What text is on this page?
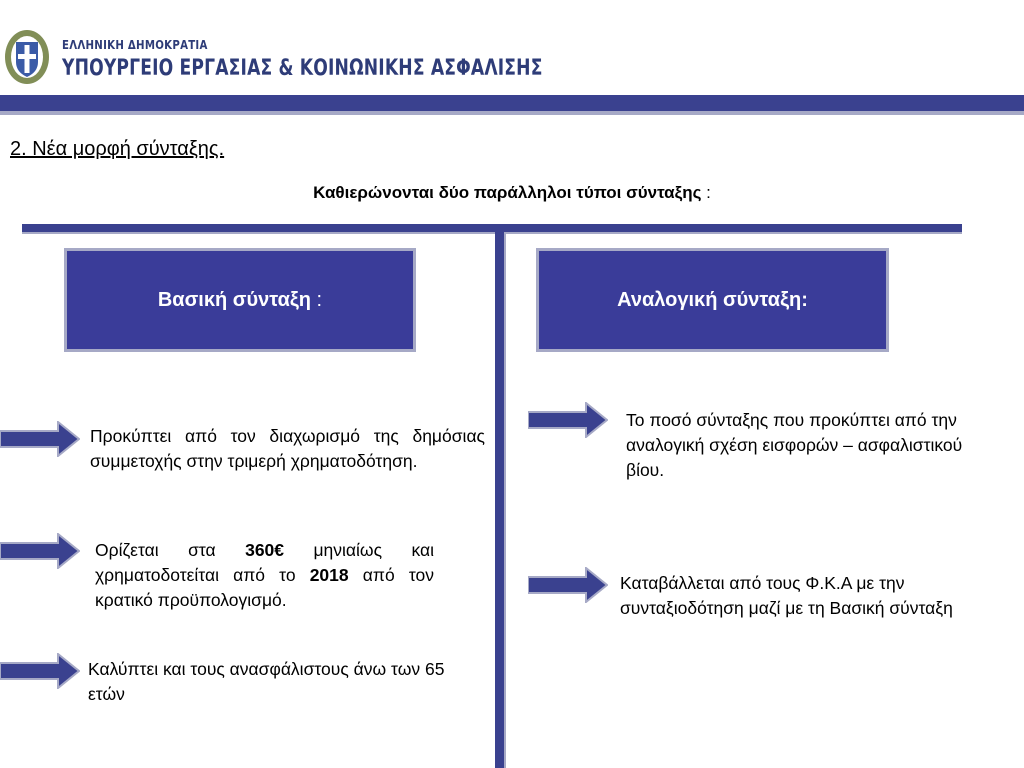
ΕΛΛΗΝΙΚΗ ΔΗΜΟΚΡΑΤΙΑ
ΥΠΟΥΡΓΕΙΟ ΕΡΓΑΣΙΑΣ & ΚΟΙΝΩΝΙΚΗΣ ΑΣΦΑΛΙΣΗΣ
2. Νέα μορφή σύνταξης.
Καθιερώνονται δύο παράλληλοι τύποι σύνταξης :
Βασική σύνταξη :	Αναλογική σύνταξη:
Προκύπτει από τον διαχωρισμό της δημόσιας συμμετοχής στην τριμερή χρηματοδότηση.
Ορίζεται στα 360€ μηνιαίως και χρηματοδοτείται από το 2018 από τον κρατικό προϋπολογισμό.
Καλύπτει και τους ανασφάλιστους άνω των 65 ετών
Το ποσό σύνταξης που προκύπτει από την αναλογική σχέση εισφορών – ασφαλιστικού βίου.
Καταβάλλεται από τους Φ.Κ.Α με την συνταξιοδότηση μαζί με τη Βασική σύνταξη
